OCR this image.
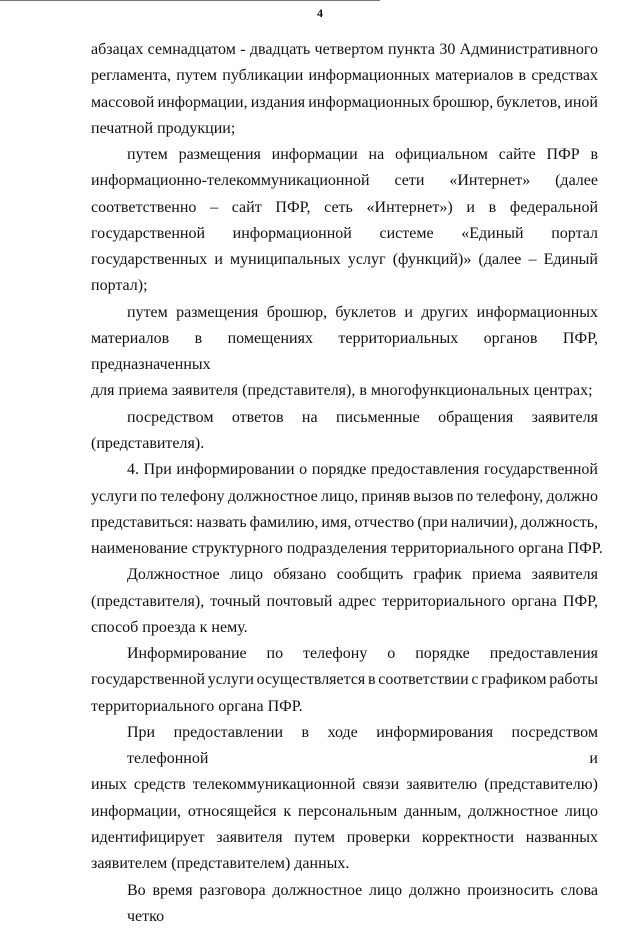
4
абзацах семнадцатом - двадцать четвертом пункта 30 Административного
регламента, путем публикации информационных материалов в средствах
массовой информации, издания информационных брошюр, буклетов, иной
печатной продукции;
путем размещения информации на официальном сайте ПФР в
информационно-телекоммуникационной сети «Интернет» (далее
соответственно – сайт ПФР, сеть «Интернет») и в федеральной
государственной информационной системе «Единый портал
государственных и муниципальных услуг (функций)» (далее – Единый
портал);
путем размещения брошюр, буклетов и других информационных
материалов в помещениях территориальных органов ПФР, предназначенных
для приема заявителя (представителя), в многофункциональных центрах;
посредством ответов на письменные обращения заявителя
(представителя).
4. При информировании о порядке предоставления государственной
услуги по телефону должностное лицо, приняв вызов по телефону, должно
представиться: назвать фамилию, имя, отчество (при наличии), должность,
наименование структурного подразделения территориального органа ПФР.
Должностное лицо обязано сообщить график приема заявителя
(представителя), точный почтовый адрес территориального органа ПФР,
способ проезда к нему.
Информирование по телефону о порядке предоставления
государственной услуги осуществляется в соответствии с графиком работы
территориального органа ПФР.
При предоставлении в ходе информирования посредством телефонной и
иных средств телекоммуникационной связи заявителю (представителю)
информации, относящейся к персональным данным, должностное лицо
идентифицирует заявителя путем проверки корректности названных
заявителем (представителем) данных.
Во время разговора должностное лицо должно произносить слова четко
